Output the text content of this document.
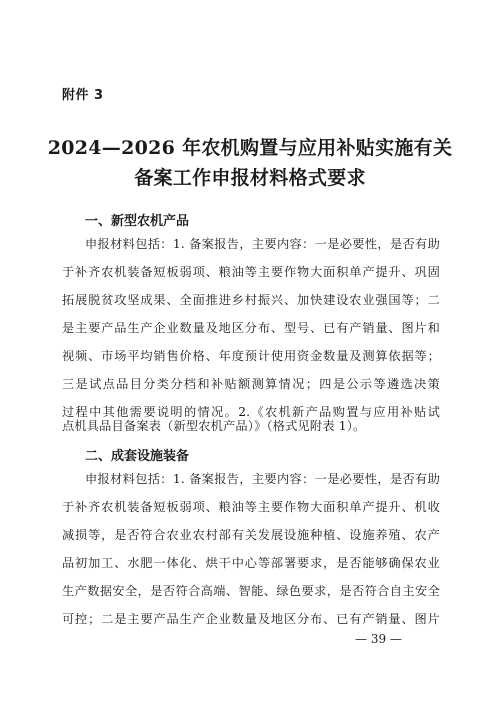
附件 3
2024—2026 年农机购置与应用补贴实施有关
备案工作申报材料格式要求
一、新型农机产品
申报材料包括：1. 备案报告，主要内容：一是必要性，是否有助
于补齐农机装备短板弱项、粮油等主要作物大面积单产提升、巩固
拓展脱贫攻坚成果、全面推进乡村振兴、加快建设农业强国等；二
是主要产品生产企业数量及地区分布、型号、已有产销量、图片和
视频、市场平均销售价格、年度预计使用资金数量及测算依据等；
三是试点品目分类分档和补贴额测算情况；四是公示等遴选决策
过程中其他需要说明的情况。2.《农机新产品购置与应用补贴试
二、成套设施装备
申报材料包括：1. 备案报告，主要内容：一是必要性，是否有助
于补齐农机装备短板弱项、粮油等主要作物大面积单产提升、机收
减损等，是否符合农业农村部有关发展设施种植、设施养殖、农产
品初加工、水肥一体化、烘干中心等部署要求，是否能够确保农业
生产数据安全，是否符合高端、智能、绿色要求，是否符合自主安全
可控；二是主要产品生产企业数量及地区分布、已有产销量、图片
— 39 —
点机具品目备案表（新型农机产品）》（格式见附表 1）。
